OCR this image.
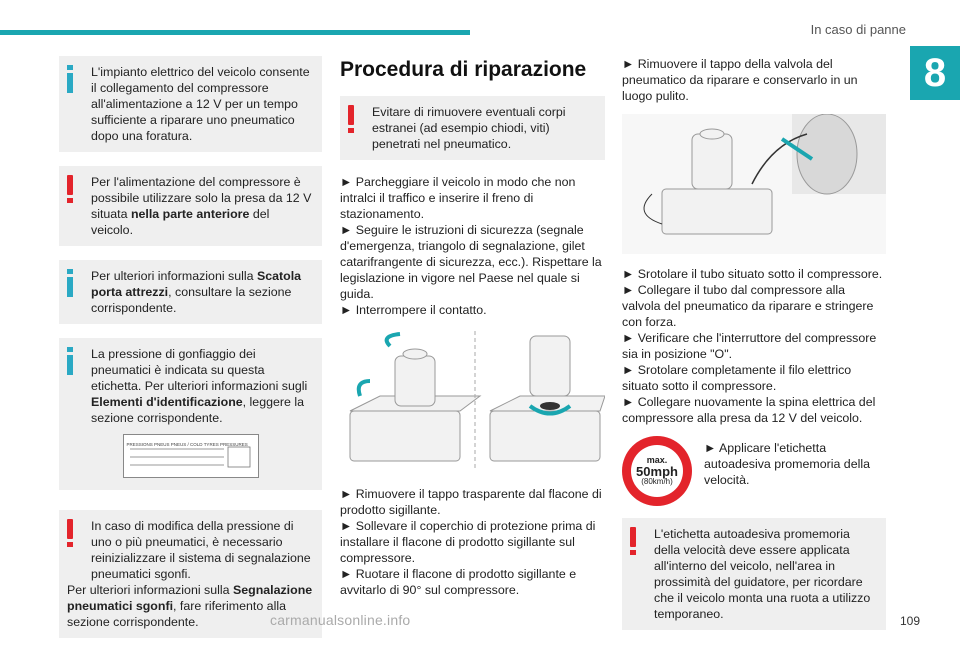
In caso di panne
8
L'impianto elettrico del veicolo consente il collegamento del compressore all'alimentazione a 12 V per un tempo sufficiente a riparare uno pneumatico dopo una foratura.
Per l'alimentazione del compressore è possibile utilizzare solo la presa da 12 V situata nella parte anteriore del veicolo.
Per ulteriori informazioni sulla Scatola porta attrezzi, consultare la sezione corrispondente.
La pressione di gonfiaggio dei pneumatici è indicata su questa etichetta. Per ulteriori informazioni sugli Elementi d'identificazione, leggere la sezione corrispondente.
PRESSIONS PNEUS PNEUS / COLD TYRES PRESSURES
In caso di modifica della pressione di uno o più pneumatici, è necessario reinizializzare il sistema di segnalazione pneumatici sgonfi.
Per ulteriori informazioni sulla Segnalazione pneumatici sgonfi, fare riferimento alla sezione corrispondente.
Procedura di riparazione
Evitare di rimuovere eventuali corpi estranei (ad esempio chiodi, viti) penetrati nel pneumatico.
► Parcheggiare il veicolo in modo che non intralci il traffico e inserire il freno di stazionamento.
► Seguire le istruzioni di sicurezza (segnale d'emergenza, triangolo di segnalazione, gilet catarifrangente di sicurezza, ecc.). Rispettare la legislazione in vigore nel Paese nel quale si guida.
► Interrompere il contatto.
► Rimuovere il tappo trasparente dal flacone di prodotto sigillante.
► Sollevare il coperchio di protezione prima di installare il flacone di prodotto sigillante sul compressore.
► Ruotare il flacone di prodotto sigillante e avvitarlo di 90° sul compressore.
► Rimuovere il tappo della valvola del pneumatico da riparare e conservarlo in un luogo pulito.
► Srotolare il tubo situato sotto il compressore.
► Collegare il tubo dal compressore alla valvola del pneumatico da riparare e stringere con forza.
► Verificare che l'interruttore del compressore sia in posizione "O".
► Srotolare completamente il filo elettrico situato sotto il compressore.
► Collegare nuovamente la spina elettrica del compressore alla presa da 12 V del veicolo.
max.
50mph
(80km/h)
► Applicare l'etichetta autoadesiva promemoria della velocità.
L'etichetta autoadesiva promemoria della velocità deve essere applicata all'interno del veicolo, nell'area in prossimità del guidatore, per ricordare che il veicolo monta una ruota a utilizzo temporaneo.
carmanualsonline.info	109
